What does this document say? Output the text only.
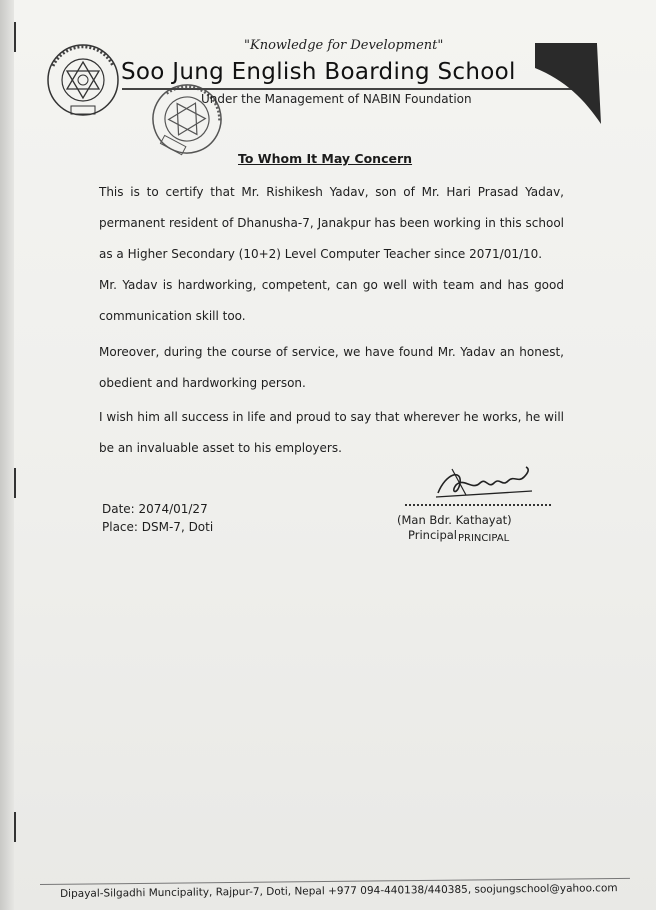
"Knowledge for Development"
Soo Jung English Boarding School
Under the Management of NABIN Foundation
To Whom It May Concern
This is to certify that Mr. Rishikesh Yadav, son of Mr. Hari Prasad Yadav, permanent resident of Dhanusha-7, Janakpur has been working in this school as a Higher Secondary (10+2) Level Computer Teacher since 2071/01/10.
Mr. Yadav is hardworking, competent, can go well with team and has good communication skill too.
Moreover, during the course of service, we have found Mr. Yadav an honest, obedient and hardworking person.
I wish him all success in life and proud to say that wherever he works, he will be an invaluable asset to his employers.
Date: 2074/01/27
Place: DSM-7, Doti	(Man Bdr. Kathayat)
Principal PRINCIPAL
Dipayal-Silgadhi Muncipality, Rajpur-7, Doti, Nepal +977 094-440138/440385, soojungschool@yahoo.com
